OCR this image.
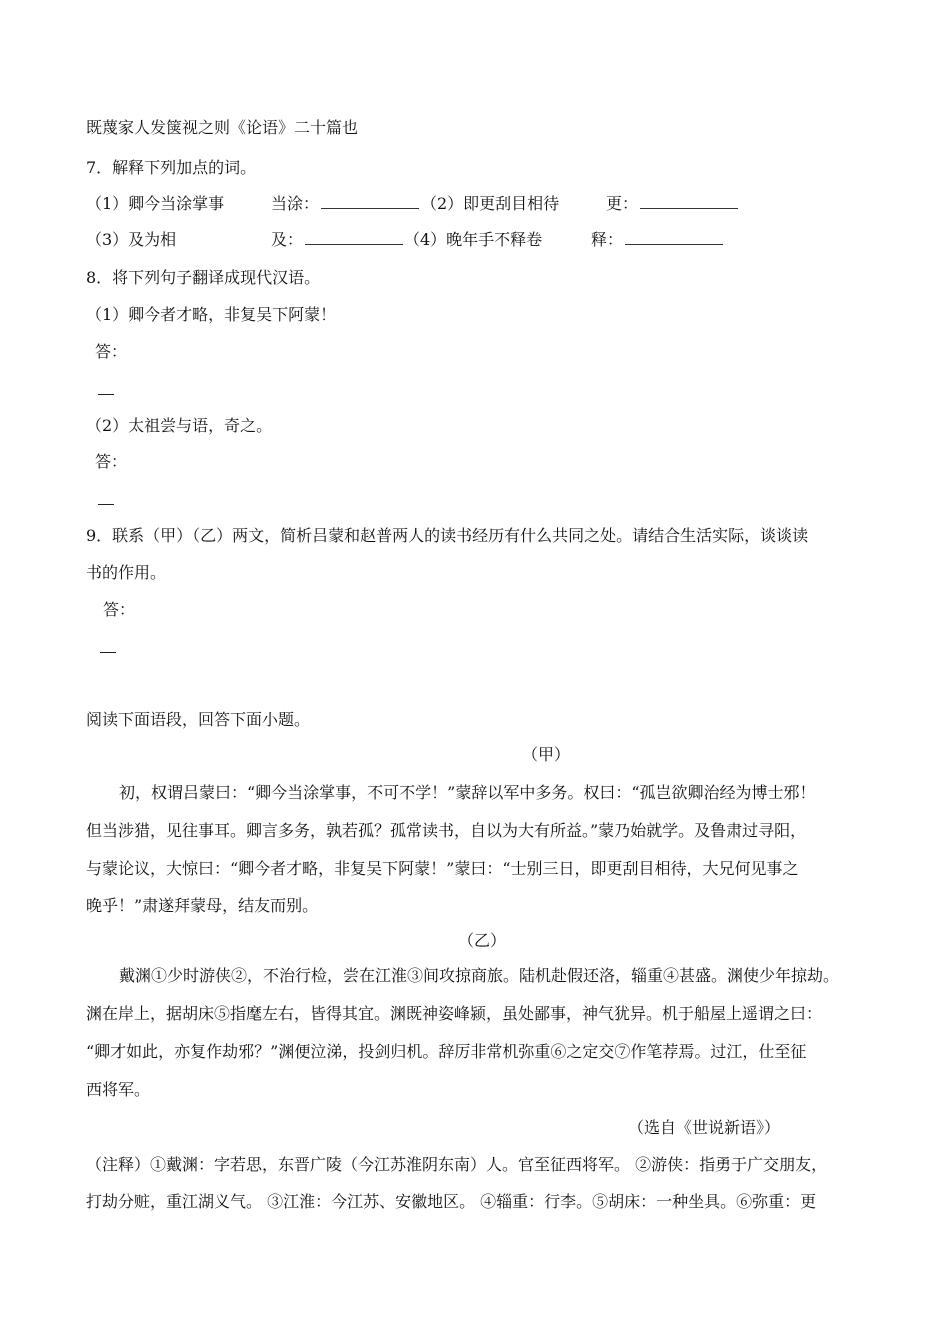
既蔑家人发箧视之则《论语》二十篇也
7．解释下列加点的词。
（1）卿今当涂掌事	当涂：	（2）即更刮目相待	更：
（3）及为相	及：	（4）晚年手不释卷	释：
8．将下列句子翻译成现代汉语。
（1）卿今者才略，非复吴下阿蒙！
答：
（2）太祖尝与语，奇之。
答：
9．联系（甲）（乙）两文，简析吕蒙和赵普两人的读书经历有什么共同之处。请结合生活实际，谈谈读
书的作用。
答：
阅读下面语段，回答下面小题。
（甲）
初，权谓吕蒙曰：“卿今当涂掌事，不可不学！”蒙辞以军中多务。权曰：“孤岂欲卿治经为博士邪！
但当涉猎，见往事耳。卿言多务，孰若孤？孤常读书，自以为大有所益。”蒙乃始就学。及鲁肃过寻阳，
与蒙论议，大惊曰：“卿今者才略，非复吴下阿蒙！”蒙曰：“士别三日，即更刮目相待，大兄何见事之
晚乎！”肃遂拜蒙母，结友而别。
（乙）
戴渊①少时游侠②，不治行检，尝在江淮③间攻掠商旅。陆机赴假还洛，辎重④甚盛。渊使少年掠劫。
渊在岸上，据胡床⑤指麾左右，皆得其宜。渊既神姿峰颍，虽处鄙事，神气犹异。机于船屋上遥谓之曰：
“卿才如此，亦复作劫邪？”渊便泣涕，投剑归机。辞厉非常机弥重⑥之定交⑦作笔荐焉。过江，仕至征
西将军。
（选自《世说新语》）
（注释）①戴渊：字若思，东晋广陵（今江苏淮阴东南）人。官至征西将军。 ②游侠：指勇于广交朋友，
打劫分赃，重江湖义气。 ③江淮：今江苏、安徽地区。 ④辎重：行李。⑤胡床：一种坐具。⑥弥重：更
